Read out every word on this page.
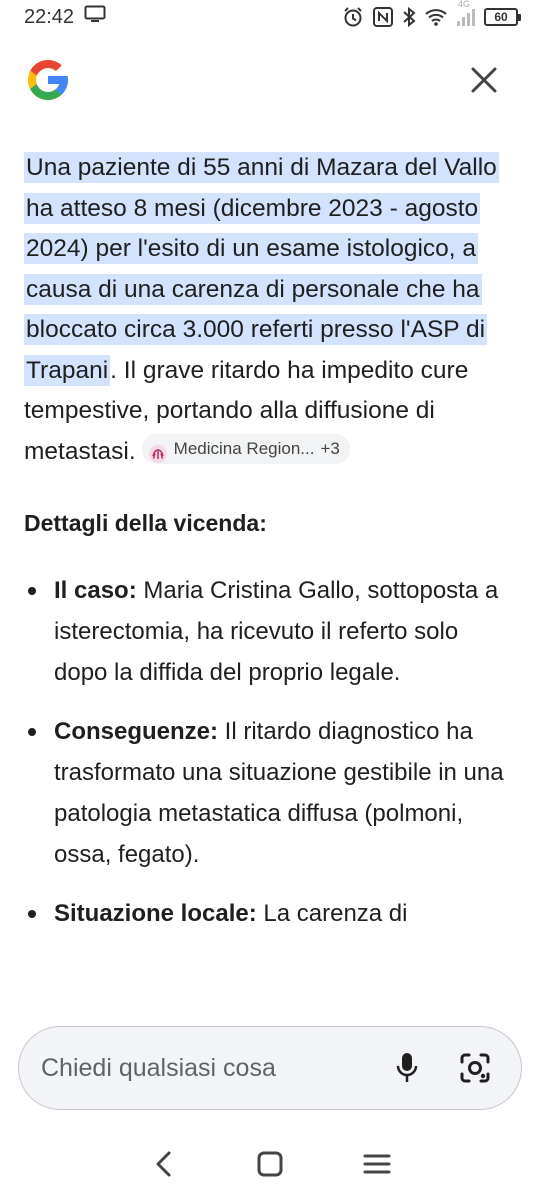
22:42
4G
60

Una paziente di 55 anni di Mazara del Vallo ha atteso 8 mesi (dicembre 2023 - agosto 2024) per l'esito di un esame istologico, a causa di una carenza di personale che ha bloccato circa 3.000 referti presso l'ASP di Trapani. Il grave ritardo ha impedito cure tempestive, portando alla diffusione di metastasi. Medicina Region... +3

Dettagli della vicenda:
Il caso: Maria Cristina Gallo, sottoposta a isterectomia, ha ricevuto il referto solo dopo la diffida del proprio legale.
Conseguenze: Il ritardo diagnostico ha trasformato una situazione gestibile in una patologia metastatica diffusa (polmoni, ossa, fegato).
Situazione locale: La carenza di
Chiedi qualsiasi cosa
